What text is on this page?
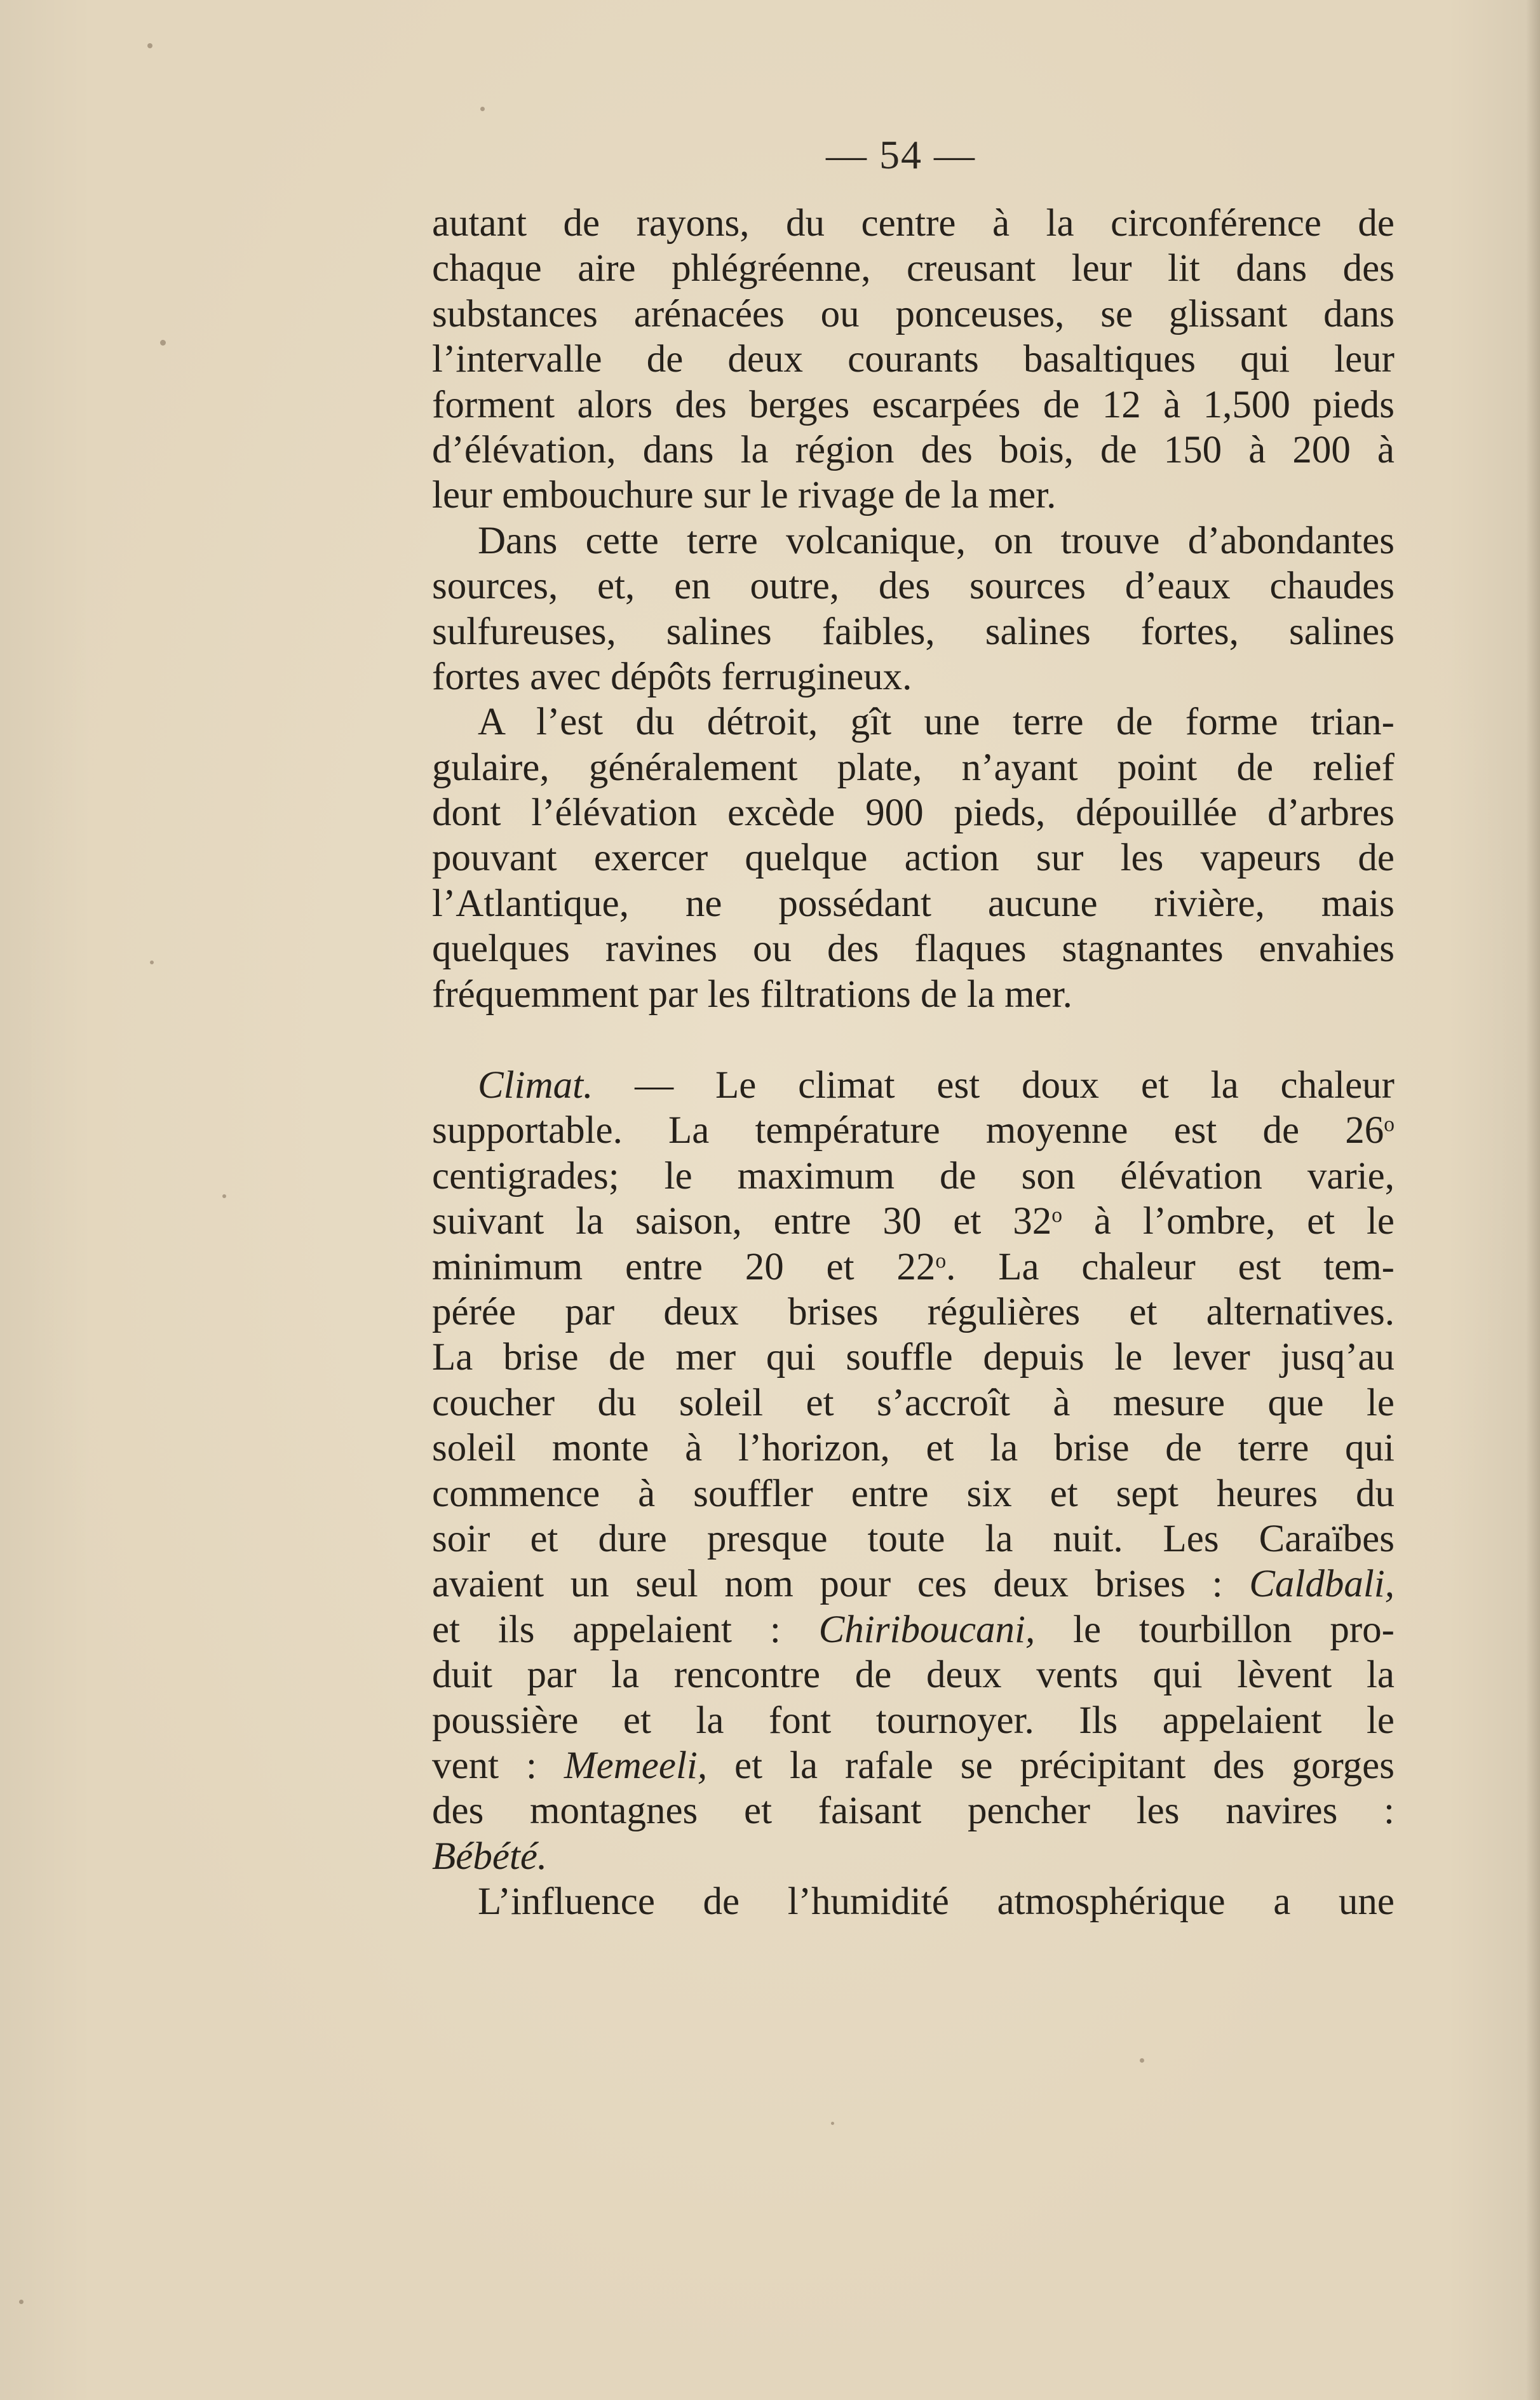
— 54 —
autant de rayons, du centre à la circonférence de
chaque aire phlégréenne, creusant leur lit dans des
substances arénacées ou ponceuses, se glissant dans
l’intervalle de deux courants basaltiques qui leur
forment alors des berges escarpées de 12 à 1,500 pieds
d’élévation, dans la région des bois, de 150 à 200 à
leur embouchure sur le rivage de la mer.
Dans cette terre volcanique, on trouve d’abondantes
sources, et, en outre, des sources d’eaux chaudes
sulfureuses, salines faibles, salines fortes, salines
fortes avec dépôts ferrugineux.
A l’est du détroit, gît une terre de forme trian-
gulaire, généralement plate, n’ayant point de relief
dont l’élévation excède 900 pieds, dépouillée d’arbres
pouvant exercer quelque action sur les vapeurs de
l’Atlantique, ne possédant aucune rivière, mais
quelques ravines ou des flaques stagnantes envahies
fréquemment par les filtrations de la mer.
Climat. — Le climat est doux et la chaleur
supportable. La température moyenne est de 26$^o$
centigrades; le maximum de son élévation varie,
suivant la saison, entre 30 et 32$^o$ à l’ombre, et le
minimum entre 20 et 22$^o$. La chaleur est tem-
pérée par deux brises régulières et alternatives.
La brise de mer qui souffle depuis le lever jusq’au
coucher du soleil et s’accroît à mesure que le
soleil monte à l’horizon, et la brise de terre qui
commence à souffler entre six et sept heures du
soir et dure presque toute la nuit. Les Caraïbes
avaient un seul nom pour ces deux brises : Caldbali,
et ils appelaient : Chiriboucani, le tourbillon pro-
duit par la rencontre de deux vents qui lèvent la
poussière et la font tournoyer. Ils appelaient le
vent : Memeeli, et la rafale se précipitant des gorges
des montagnes et faisant pencher les navires :
Bébété.
L’influence de l’humidité atmosphérique a une
